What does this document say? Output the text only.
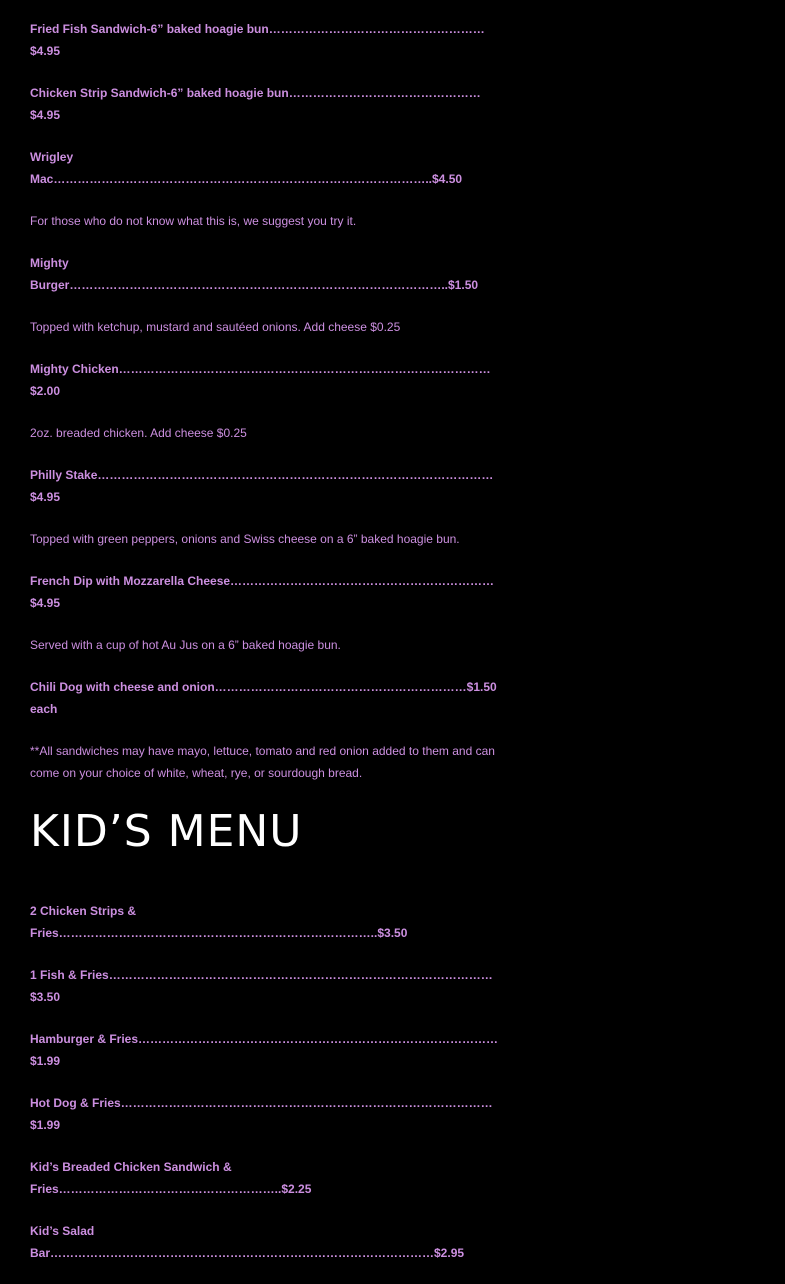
Fried Fish Sandwich-6” baked hoagie bun………………………………………………$4.95
Chicken Strip Sandwich-6” baked hoagie bun…………………………………………$4.95
Wrigley Mac…………………………………………………………………………………..$4.50
For those who do not know what this is, we suggest you try it.
Mighty Burger…………………………………………………………………………………..$1.50
Topped with ketchup, mustard and sautéed onions. Add cheese $0.25
Mighty Chicken…………………………………………………………………………………$2.00
2oz. breaded chicken. Add cheese $0.25
Philly Stake……………………………………………………………………………………… $4.95
Topped with green peppers, onions and Swiss cheese on a 6” baked hoagie bun.
French Dip with Mozzarella Cheese………………………………………………………… $4.95
Served with a cup of hot Au Jus on a 6” baked hoagie bun.
Chili Dog with cheese and onion………………………………………………………$1.50 each
**All sandwiches may have mayo, lettuce, tomato and red onion added to them and can come on your choice of white, wheat, rye, or sourdough bread.
KID’S MENU
2 Chicken Strips & Fries……………………………………………………………………..$3.50
1 Fish & Fries…………………………………………………………………………………… $3.50
Hamburger & Fries………………………………………………………………………………$1.99
Hot Dog & Fries………………………………………………………………………………… $1.99
Kid’s Breaded Chicken Sandwich & Fries………………………………………………..$2.25
Kid’s Salad Bar……………………………………………………………………………………$2.95
